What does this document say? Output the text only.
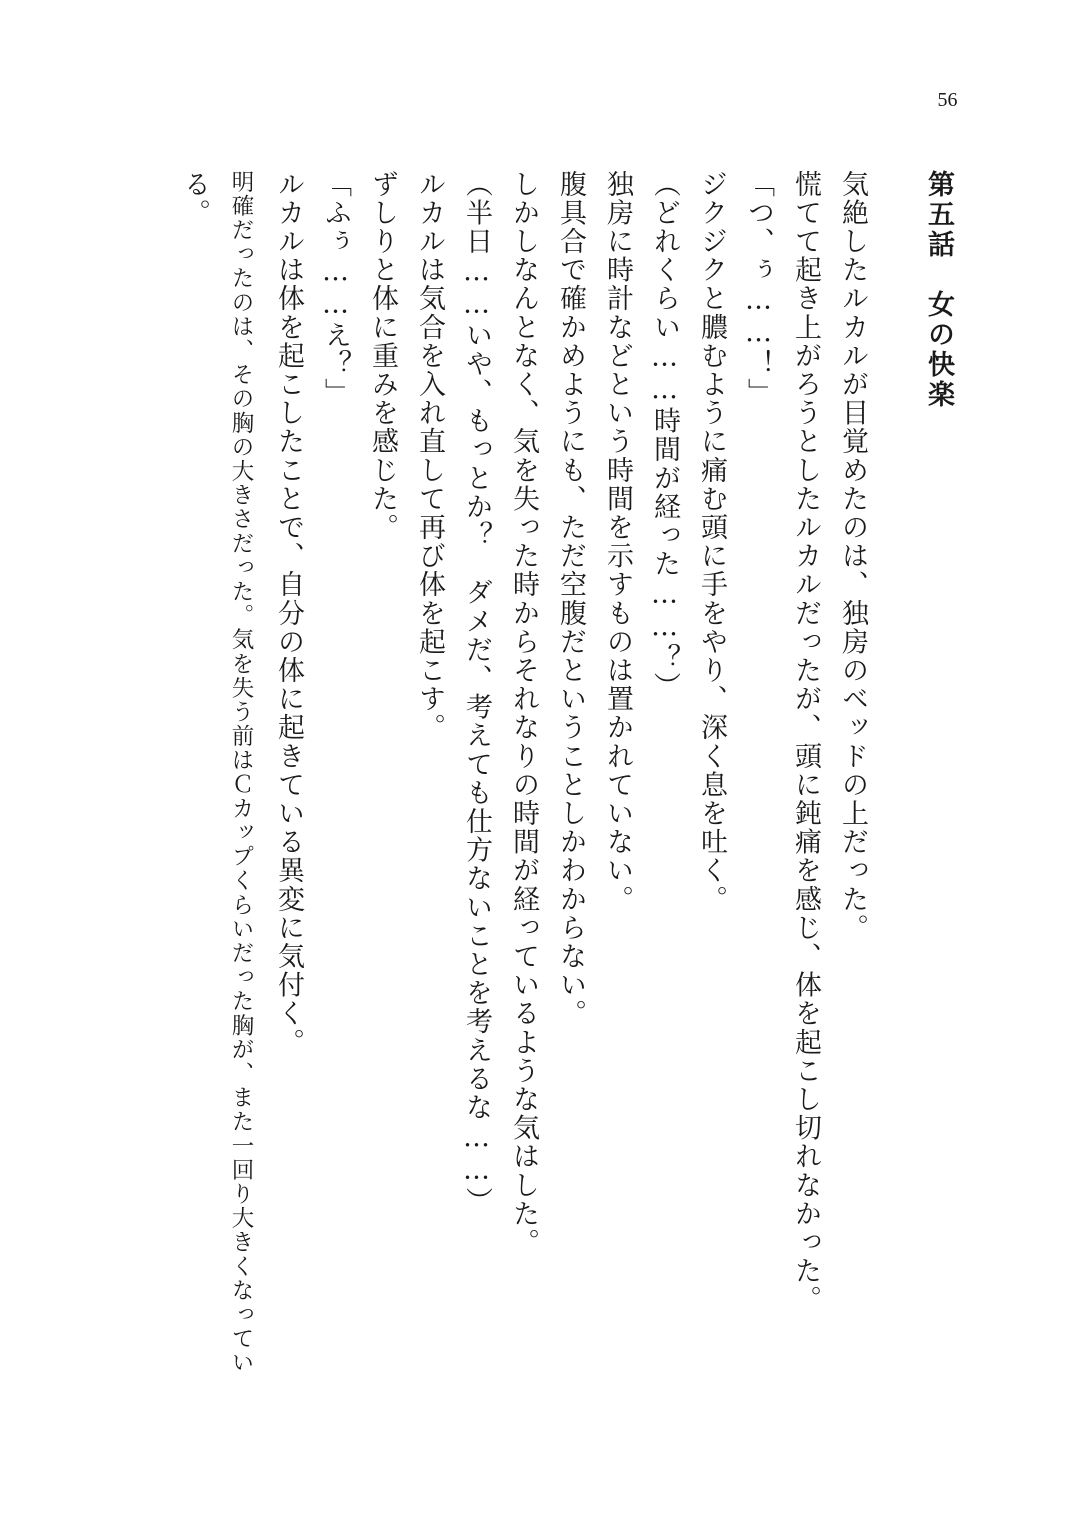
56
第五話　女の快楽
気絶したルカルが目覚めたのは、独房のベッドの上だった。
慌てて起き上がろうとしたルカルだったが、頭に鈍痛を感じ、体を起こし切れなかった。
「つ、ぅ……！」
ジクジクと膿むように痛む頭に手をやり、深く息を吐く。
（どれくらい……時間が経った……？）
独房に時計などという時間を示すものは置かれていない。
腹具合で確かめようにも、ただ空腹だということしかわからない。
しかしなんとなく、気を失った時からそれなりの時間が経っているような気はした。
（半日……いや、もっとか？　ダメだ、考えても仕方ないことを考えるな……）
ルカルは気合を入れ直して再び体を起こす。
ずしりと体に重みを感じた。
「ふぅ……え？」
ルカルは体を起こしたことで、自分の体に起きている異変に気付く。
明確だったのは、その胸の大きさだった。気を失う前はＣカップくらいだった胸が、また一回り大きくなってい
る。
